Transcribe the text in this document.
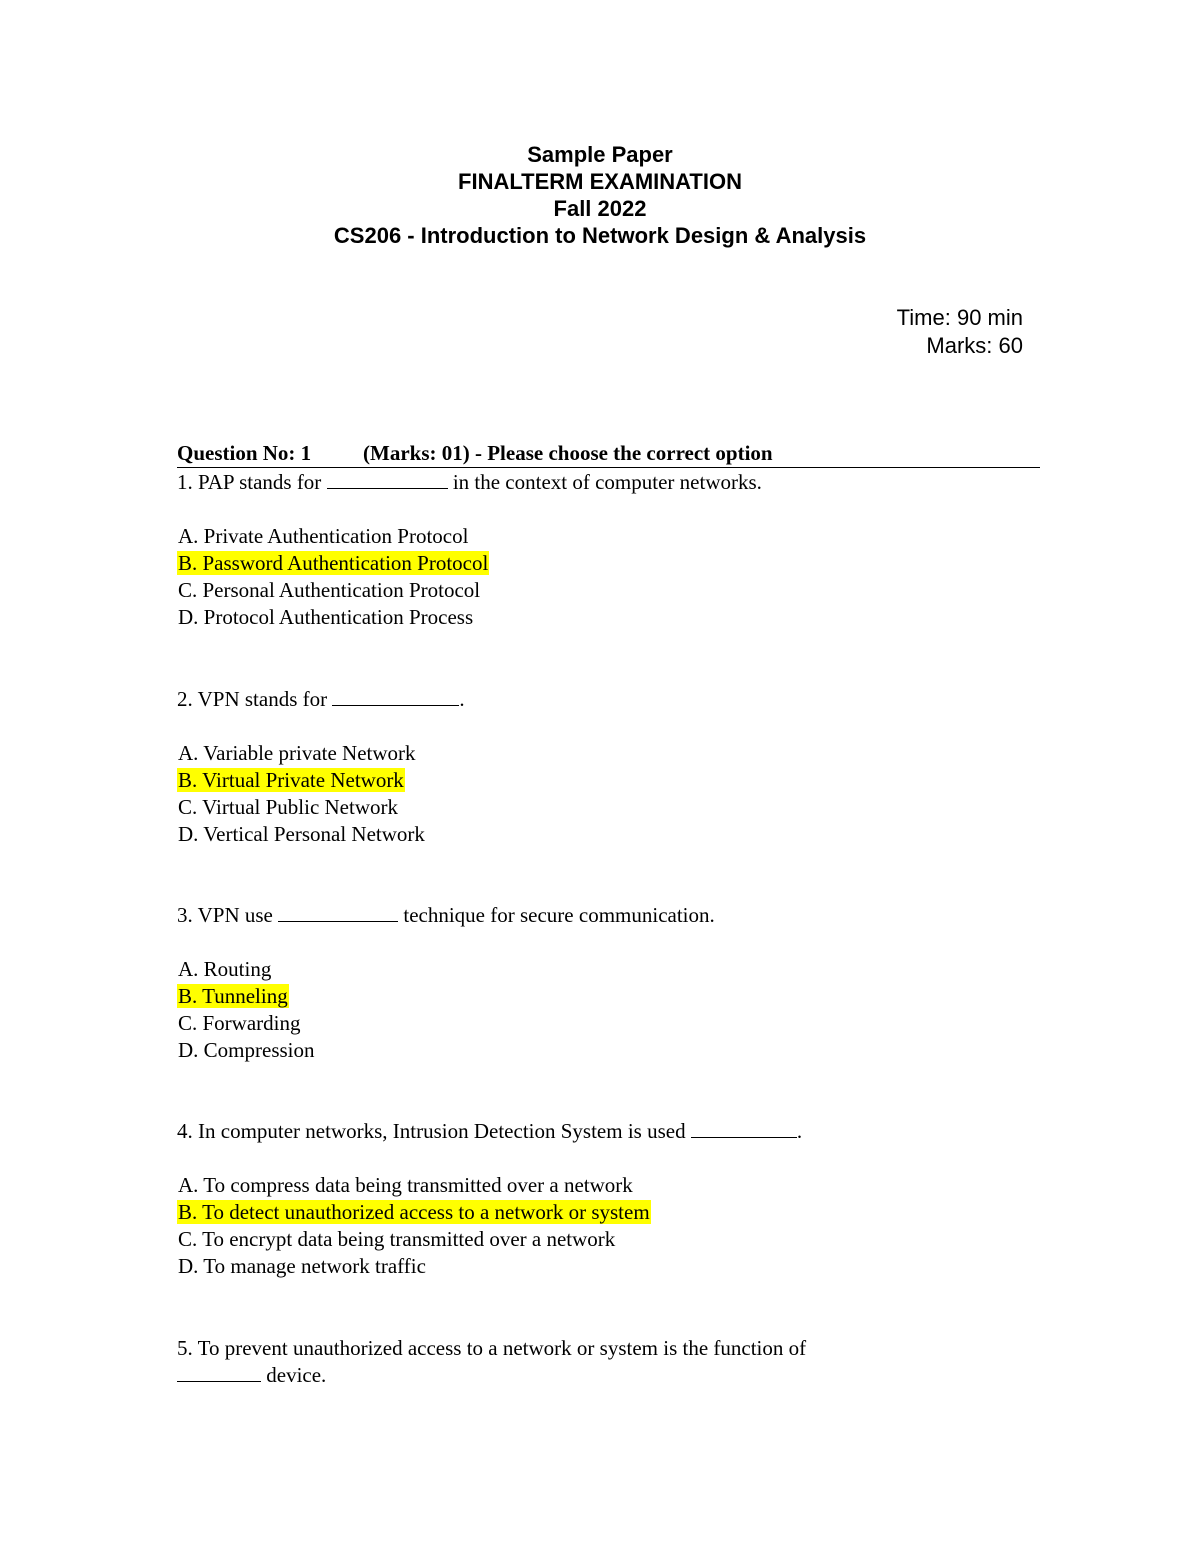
Sample Paper
FINALTERM EXAMINATION
Fall 2022
CS206 - Introduction to Network Design & Analysis
Time: 90 min
Marks: 60
Question No: 1 (Marks: 01) - Please choose the correct option
1. PAP stands for	in the context of computer networks.
A. Private Authentication Protocol
B. Password Authentication Protocol
C. Personal Authentication Protocol
D. Protocol Authentication Process
2. VPN stands for	.
A. Variable private Network
B. Virtual Private Network
C. Virtual Public Network
D. Vertical Personal Network
3. VPN use	technique for secure communication.
A. Routing
B. Tunneling
C. Forwarding
D. Compression
4. In computer networks, Intrusion Detection System is used	.
A. To compress data being transmitted over a network
B. To detect unauthorized access to a network or system
C. To encrypt data being transmitted over a network
D. To manage network traffic
5. To prevent unauthorized access to a network or system is the function of
device.
